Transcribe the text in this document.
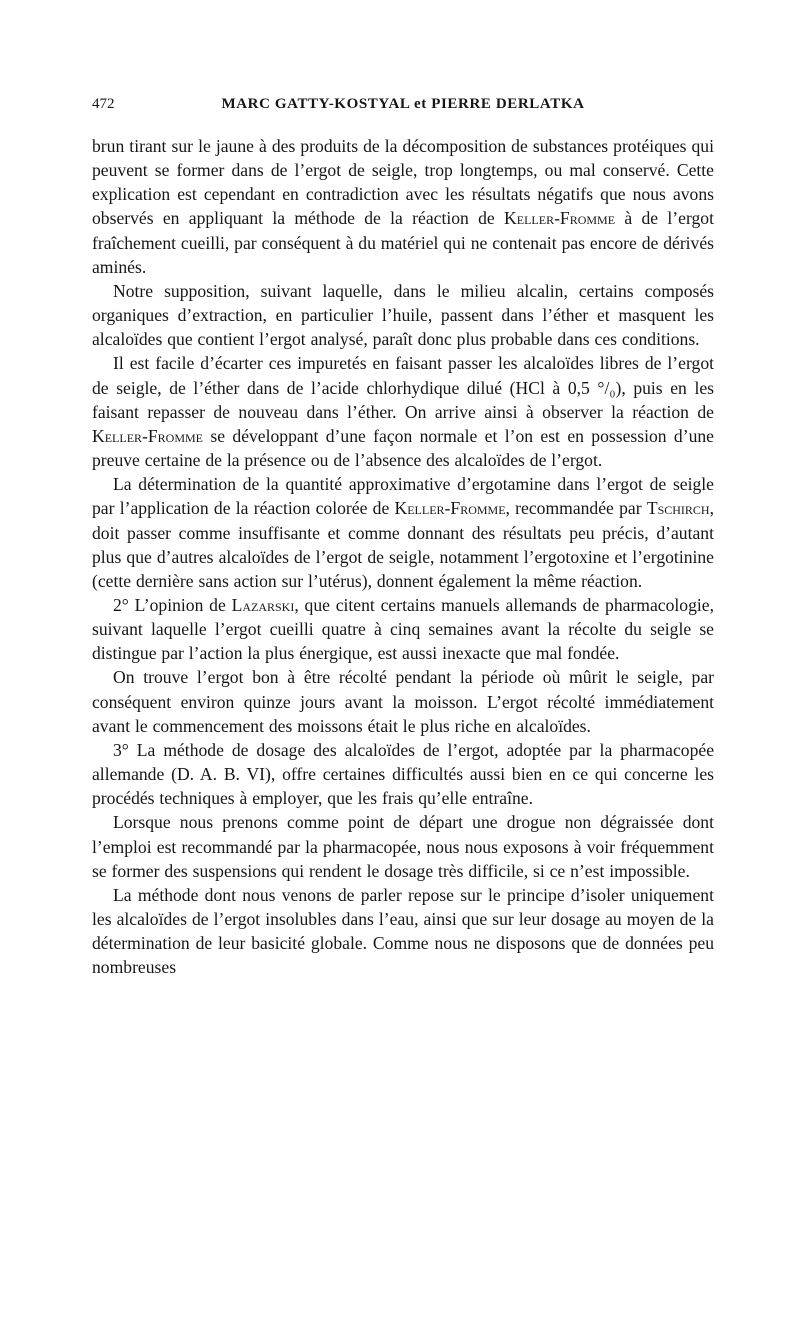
472	MARC GATTY-KOSTYAL et PIERRE DERLATKA

brun tirant sur le jaune à des produits de la décomposition de substances protéiques qui peuvent se former dans de l’ergot de seigle, trop longtemps, ou mal conservé. Cette explication est cependant en contradiction avec les résultats négatifs que nous avons observés en appliquant la méthode de la réaction de Keller-Fromme à de l’ergot fraîchement cueilli, par conséquent à du matériel qui ne contenait pas encore de dérivés aminés.

Notre supposition, suivant laquelle, dans le milieu alcalin, certains composés organiques d’extraction, en particulier l’huile, passent dans l’éther et masquent les alcaloïdes que contient l’ergot analysé, paraît donc plus probable dans ces conditions.

Il est facile d’écarter ces impuretés en faisant passer les alcaloïdes libres de l’ergot de seigle, de l’éther dans de l’acide chlorhydique dilué (HCl à 0,5 °/₀), puis en les faisant repasser de nouveau dans l’éther. On arrive ainsi à observer la réaction de Keller-Fromme se développant d’une façon normale et l’on est en possession d’une preuve certaine de la présence ou de l’absence des alcaloïdes de l’ergot.

La détermination de la quantité approximative d’ergotamine dans l’ergot de seigle par l’application de la réaction colorée de Keller-Fromme, recommandée par Tschirch, doit passer comme insuffisante et comme donnant des résultats peu précis, d’autant plus que d’autres alcaloïdes de l’ergot de seigle, notamment l’ergotoxine et l’ergotinine (cette dernière sans action sur l’utérus), donnent également la même réaction.

2° L’opinion de Lazarski, que citent certains manuels allemands de pharmacologie, suivant laquelle l’ergot cueilli quatre à cinq semaines avant la récolte du seigle se distingue par l’action la plus énergique, est aussi inexacte que mal fondée.

On trouve l’ergot bon à être récolté pendant la période où mûrit le seigle, par conséquent environ quinze jours avant la moisson. L’ergot récolté immédiatement avant le commencement des moissons était le plus riche en alcaloïdes.

3° La méthode de dosage des alcaloïdes de l’ergot, adoptée par la pharmacopée allemande (D. A. B. VI), offre certaines difficultés aussi bien en ce qui concerne les procédés techniques à employer, que les frais qu’elle entraîne.

Lorsque nous prenons comme point de départ une drogue non dégraissée dont l’emploi est recommandé par la pharmacopée, nous nous exposons à voir fréquemment se former des suspensions qui rendent le dosage très difficile, si ce n’est impossible.

La méthode dont nous venons de parler repose sur le principe d’isoler uniquement les alcaloïdes de l’ergot insolubles dans l’eau, ainsi que sur leur dosage au moyen de la détermination de leur basicité globale. Comme nous ne disposons que de données peu nombreuses
